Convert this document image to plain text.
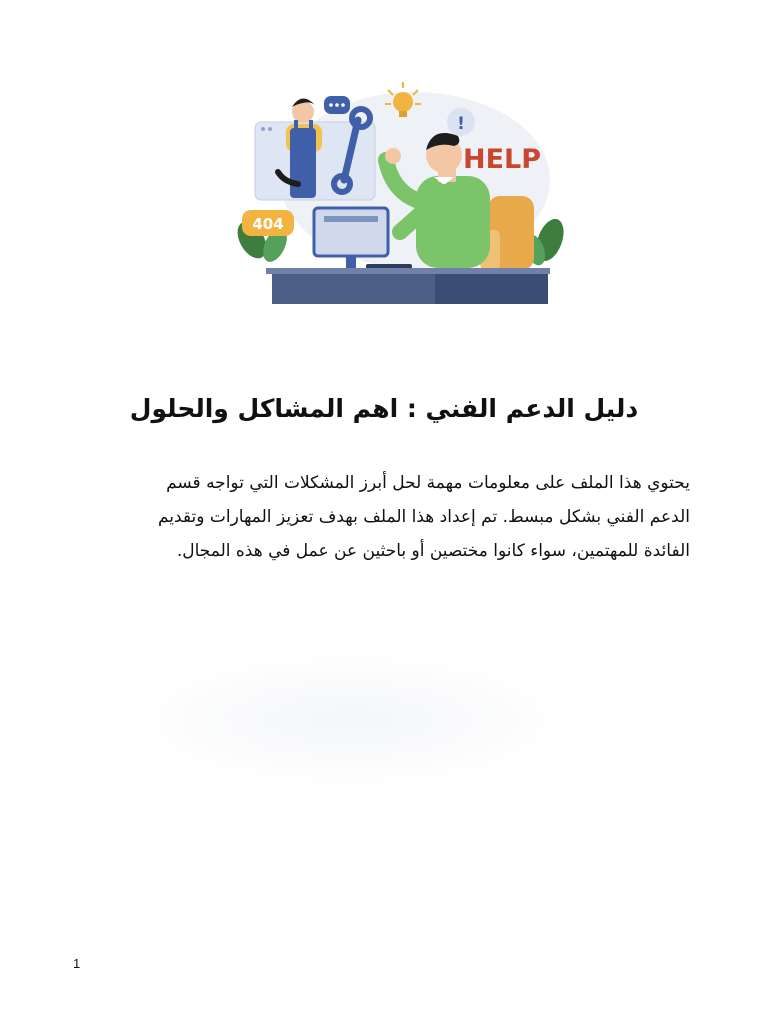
!
HELP
404
دليل الدعم الفني : اهم المشاكل والحلول
يحتوي هذا الملف على معلومات مهمة لحل أبرز المشكلات التي تواجه قسم
الدعم الفني بشكل مبسط. تم إعداد هذا الملف بهدف تعزيز المهارات وتقديم
الفائدة للمهتمين، سواء كانوا مختصين أو باحثين عن عمل في هذه المجال.
1
